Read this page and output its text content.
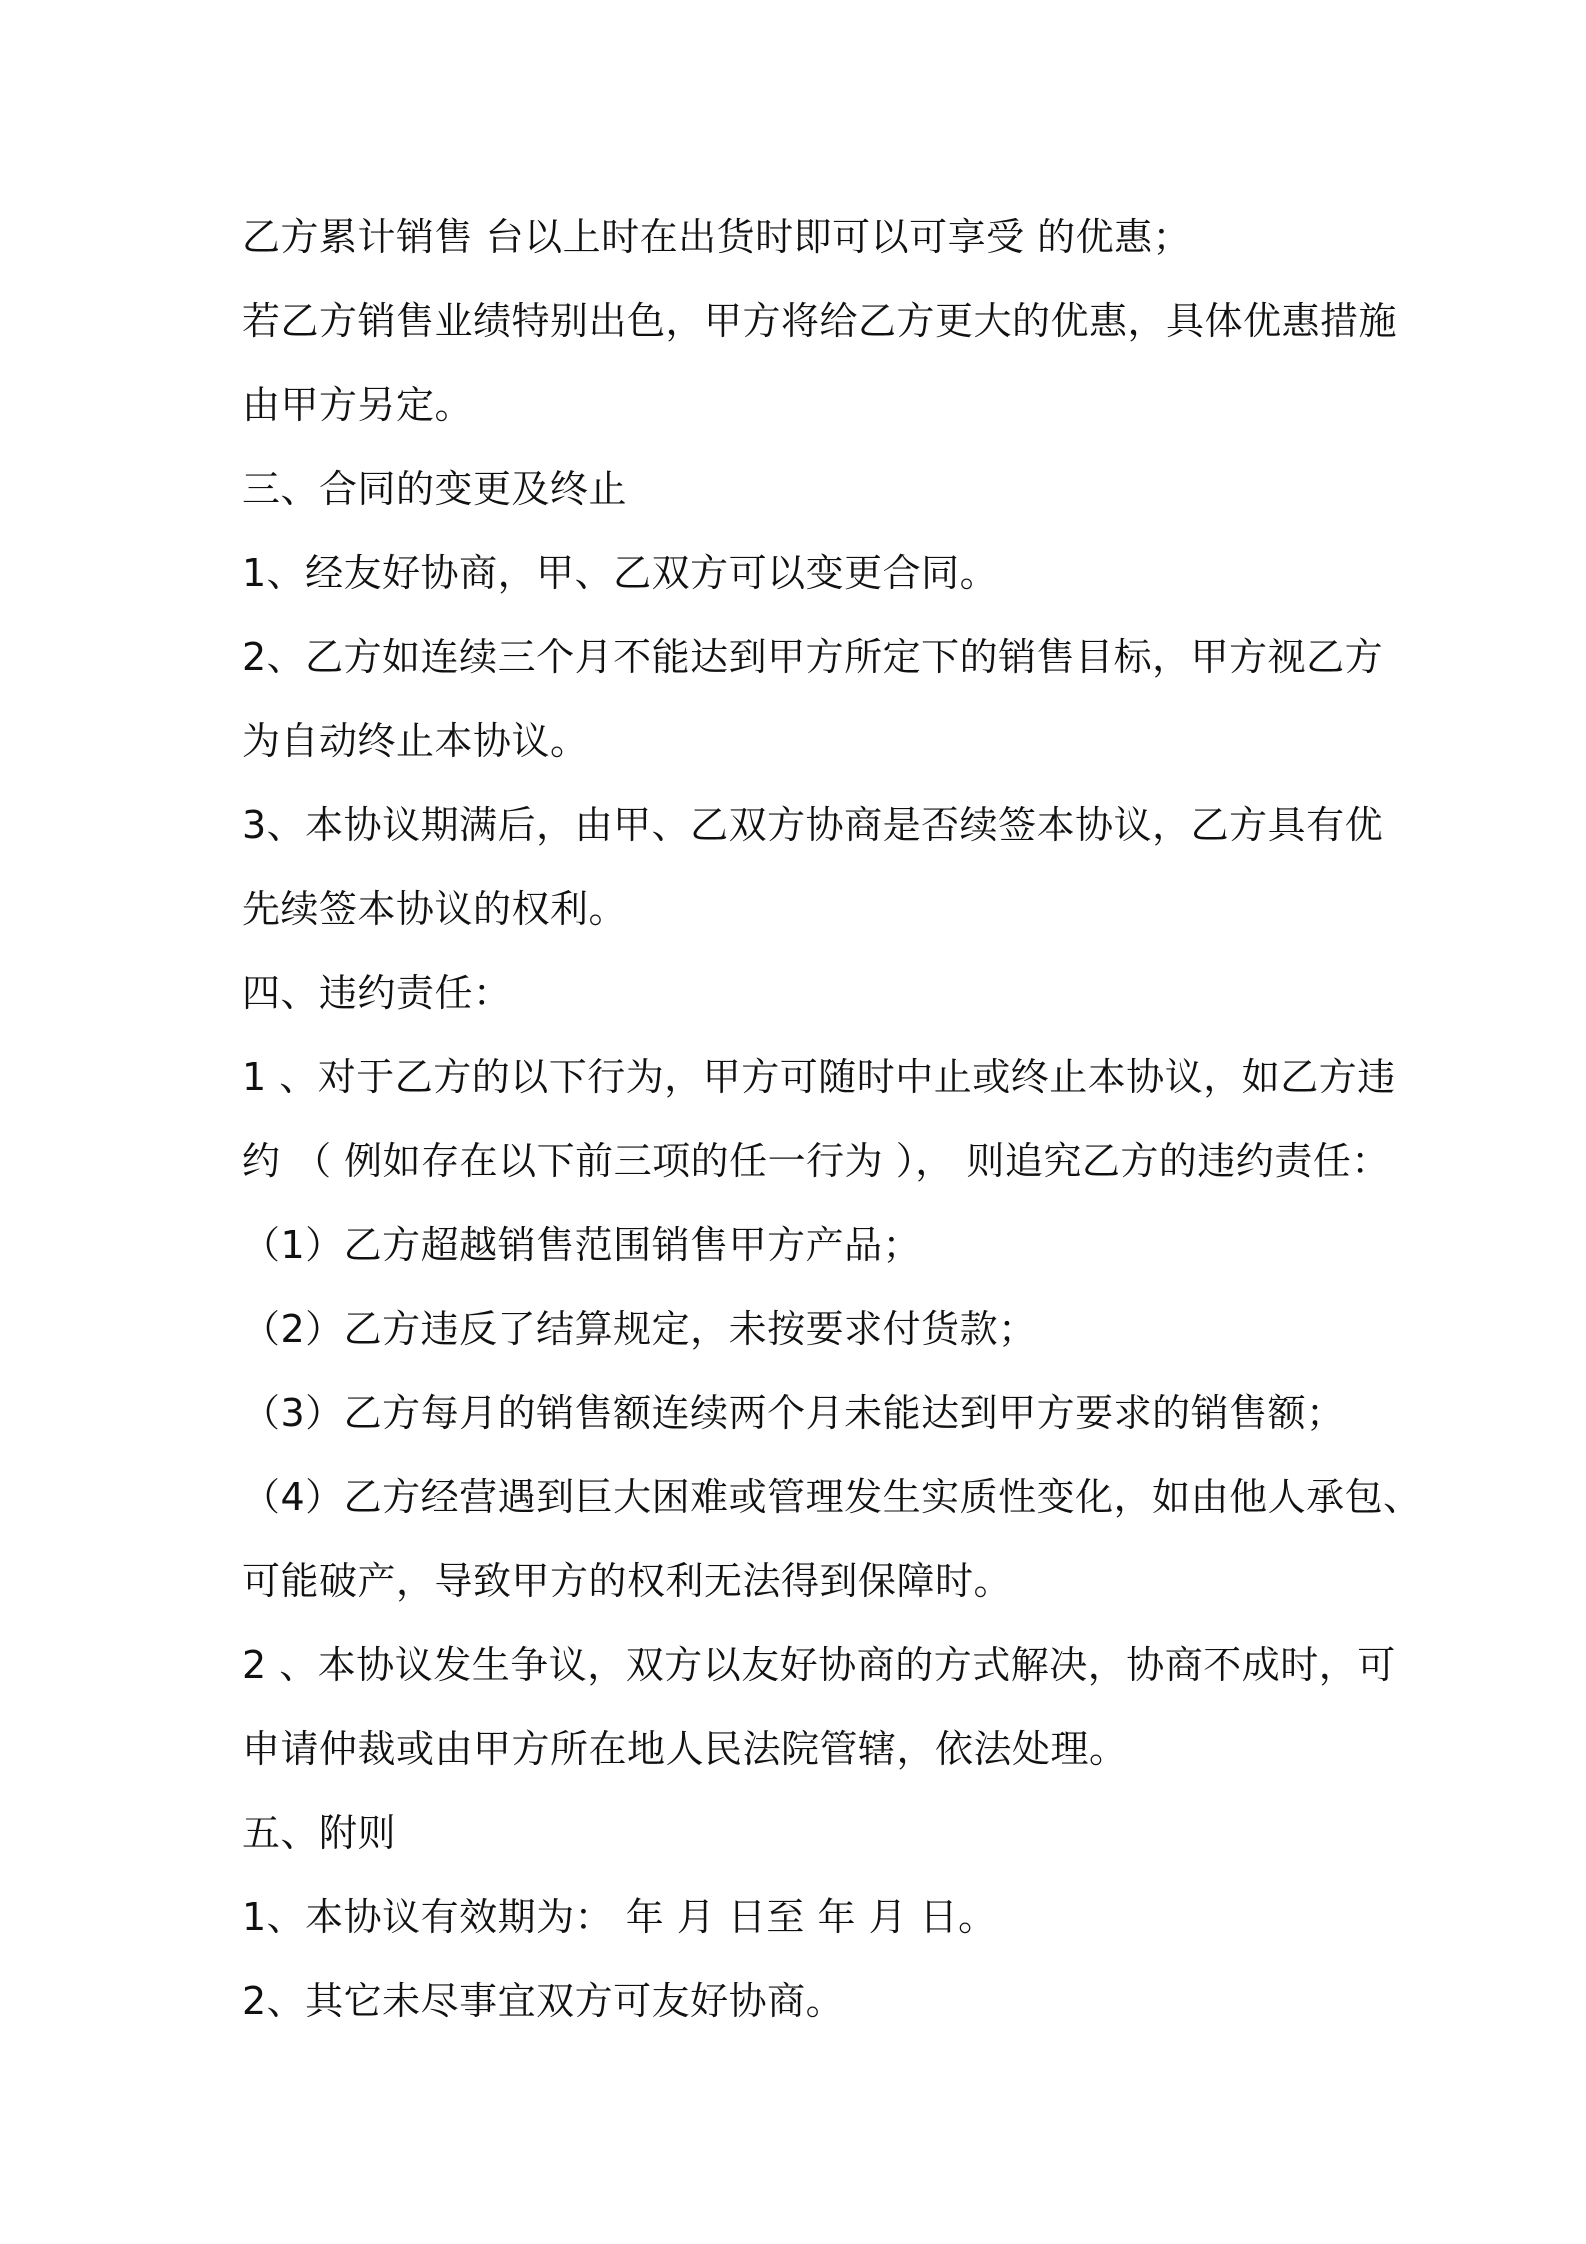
乙方累计销售 台以上时在出货时即可以可享受 的优惠；
若乙方销售业绩特别出色，甲方将给乙方更大的优惠，具体优惠措施
由甲方另定。
三、合同的变更及终止
1、经友好协商，甲、乙双方可以变更合同。
2、乙方如连续三个月不能达到甲方所定下的销售目标，甲方视乙方
为自动终止本协议。
3、本协议期满后，由甲、乙双方协商是否续签本协议，乙方具有优
先续签本协议的权利。
四、违约责任：
1 、对于乙方的以下行为，甲方可随时中止或终止本协议，如乙方违
约 （ 例如存在以下前三项的任一行为 ）， 则追究乙方的违约责任：
（1）乙方超越销售范围销售甲方产品；
（2）乙方违反了结算规定，未按要求付货款；
（3）乙方每月的销售额连续两个月未能达到甲方要求的销售额；
（4）乙方经营遇到巨大困难或管理发生实质性变化，如由他人承包、
可能破产，导致甲方的权利无法得到保障时。
2 、本协议发生争议，双方以友好协商的方式解决，协商不成时，可
申请仲裁或由甲方所在地人民法院管辖，依法处理。
五、附则
1、本协议有效期为： 年 月 日至 年 月 日。
2、其它未尽事宜双方可友好协商。
